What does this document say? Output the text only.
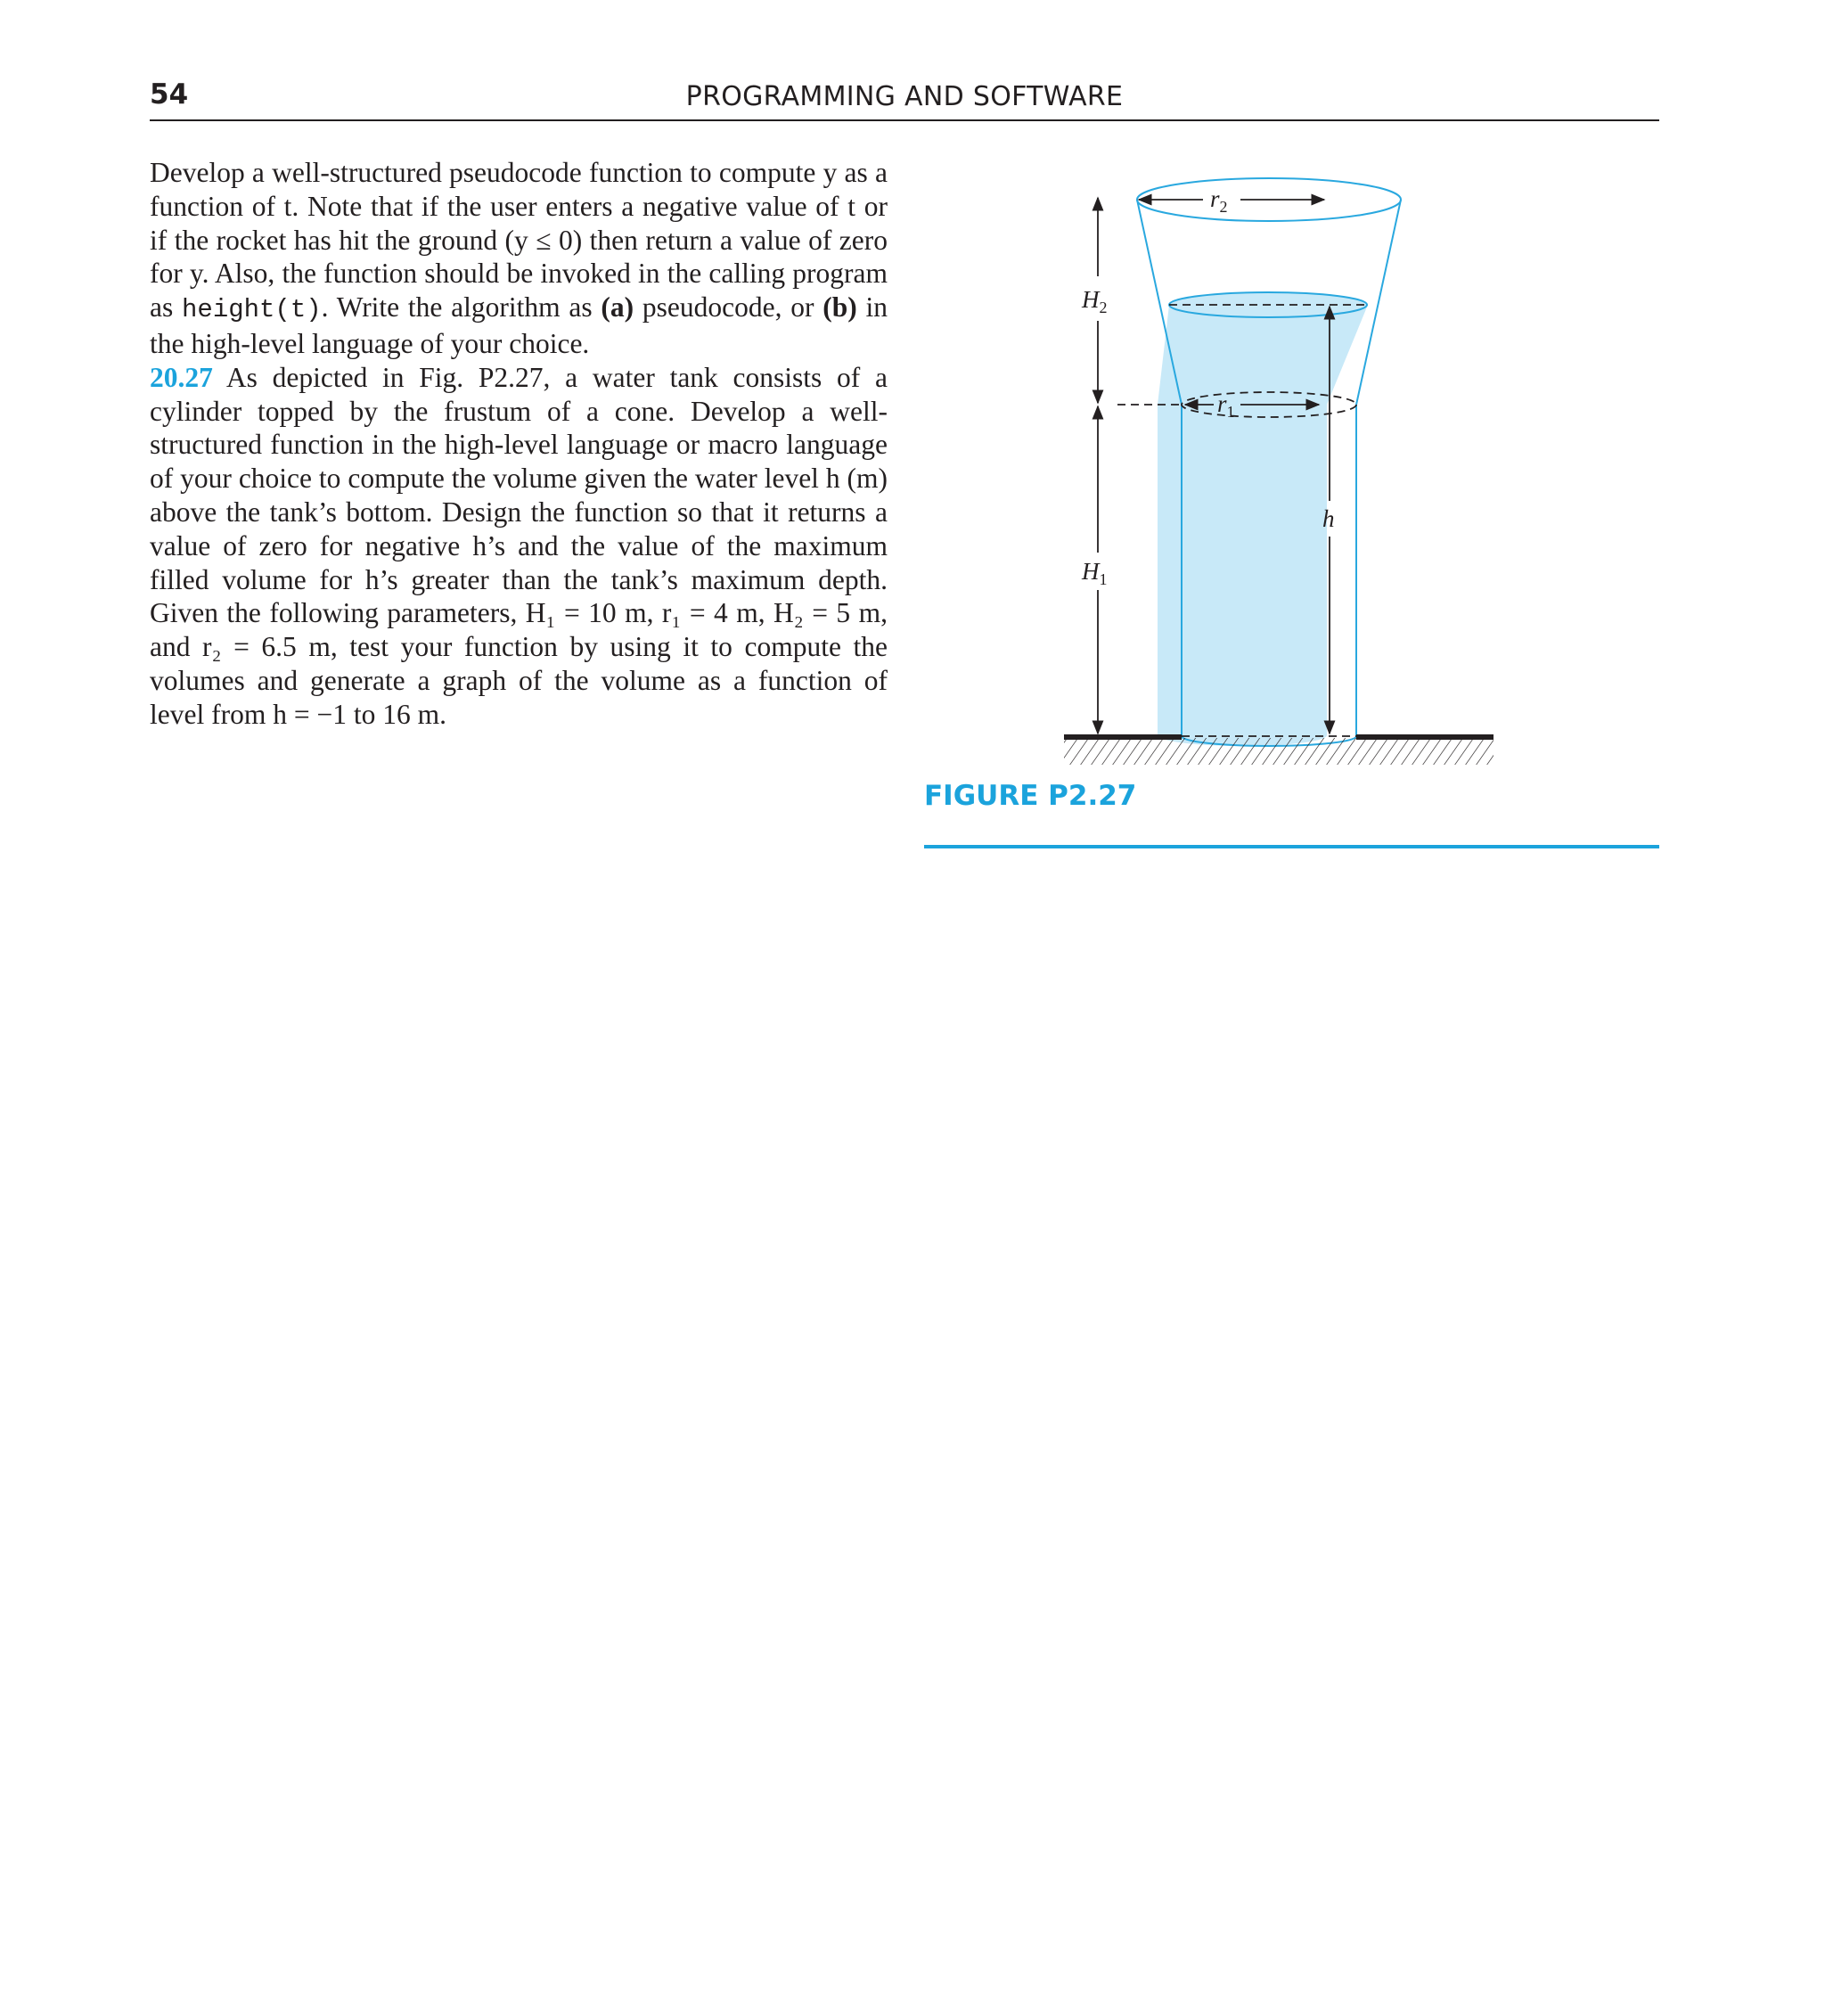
54	PROGRAMMING AND SOFTWARE

Develop a well-structured pseudocode function to compute y as a function of t. Note that if the user enters a negative value of t or if the rocket has hit the ground (y ≤ 0) then return a value of zero for y. Also, the function should be invoked in the calling program as height(t). Write the algorithm as (a) pseudocode, or (b) in the high-level language of your choice.

20.27 As depicted in Fig. P2.27, a water tank consists of a cylinder topped by the frustum of a cone. Develop a well-structured function in the high-level language or macro language of your choice to compute the volume given the water level h (m) above the tank’s bottom. Design the function so that it returns a value of zero for negative h’s and the value of the maximum filled volume for h’s greater than the tank’s maximum depth. Given the following parameters, H₁ = 10 m, r₁ = 4 m, H₂ = 5 m, and r₂ = 6.5 m, test your function by using it to compute the volumes and generate a graph of the volume as a function of level from h = −1 to 16 m.

$r_2$
$r_1$
$H_2$
$H_1$
h
FIGURE P2.27
